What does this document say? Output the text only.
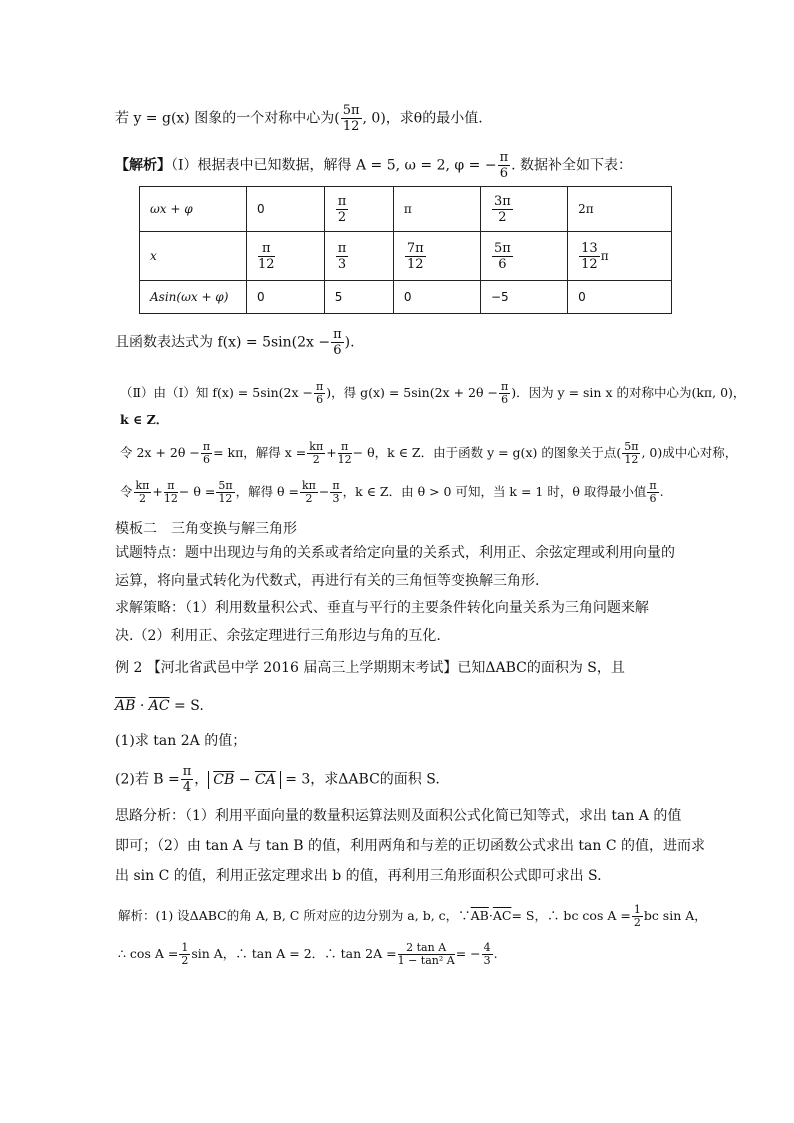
若 y = g(x) 图象的一个对称中心为( $\frac{5\pi}{12}$ , 0)，求θ的最小值.
【解析】（Ⅰ）根据表中已知数据，解得 A = 5, ω = 2, φ = − $\frac{\pi}{6}$ . 数据补全如下表：
ωx + φ	0	$\frac{\pi}{2}$	π	$\frac{3\pi}{2}$	2π
x	$\frac{\pi}{12}$	$\frac{\pi}{3}$	$\frac{7\pi}{12}$	$\frac{5\pi}{6}$	$\frac{13}{12}$ π
Asin(ωx + φ)	0	5	0	−5	0
且函数表达式为 $f(x) = 5\sin(2x - \frac{\pi}{6}$ ).
（Ⅱ）由（Ⅰ）知 $f(x) = 5\sin(2x - \frac{\pi}{6}$ )，得 $g(x) = 5\sin(2x + 2\theta - \frac{\pi}{6}$ )．因为 y = sin x 的对称中心为(kπ, 0)，
k ∈ Z．
令 $2x + 2\theta - \frac{\pi}{6} = k\pi$，解得 $x = \frac{k\pi}{2} + \frac{\pi}{12} - \theta$，k ∈ Z．由于函数 y = g(x) 的图象关于点( $\frac{5\pi}{12}$ , 0)成中心对称，
令 $\frac{k\pi}{2} + \frac{\pi}{12} - \theta = \frac{5\pi}{12}$ ，解得 $\theta = \frac{k\pi}{2} - \frac{\pi}{3}$ ，k ∈ Z．由 θ > 0 可知，当 k = 1 时，θ 取得最小值 $\frac{\pi}{6}$ .
模板二　三角变换与解三角形
试题特点：题中出现边与角的关系或者给定向量的关系式，利用正、余弦定理或利用向量的
运算，将向量式转化为代数式，再进行有关的三角恒等变换解三角形.
求解策略：（1）利用数量积公式、垂直与平行的主要条件转化向量关系为三角问题来解
决.（2）利用正、余弦定理进行三角形边与角的互化.
例 2 【河北省武邑中学 2016 届高三上学期期末考试】已知ΔABC的面积为 S，且
$\overline{AB} \cdot \overline{AC} = S$.
(1)求 tan 2A 的值；
(2)若 $B = \frac{\pi}{4}$ ， $\overline{CB} - \overline{CA} = 3$，求ΔABC的面积 S.
思路分析：（1）利用平面向量的数量积运算法则及面积公式化简已知等式，求出 tan A 的值
即可；（2）由 tan A 与 tan B 的值，利用两角和与差的正切函数公式求出 tan C 的值，进而求
出 sin C 的值，利用正弦定理求出 b 的值，再利用三角形面积公式即可求出 S.
解析：(1) 设ΔABC的角 A, B, C 所对应的边分别为 a, b, c，$\because\overline{AB}\cdot\overline{AC}= S$，∴ bc $\cos A = \frac{1}{2}$ bc sin A，
∴ $\cos A = \frac{1}{2}$ sin A，∴ tan A = 2．∴ $\tan 2A = \frac{\text{2 tan A}}{\text{1 − tan² A}}$ = − $\frac{4}{3}$ .
